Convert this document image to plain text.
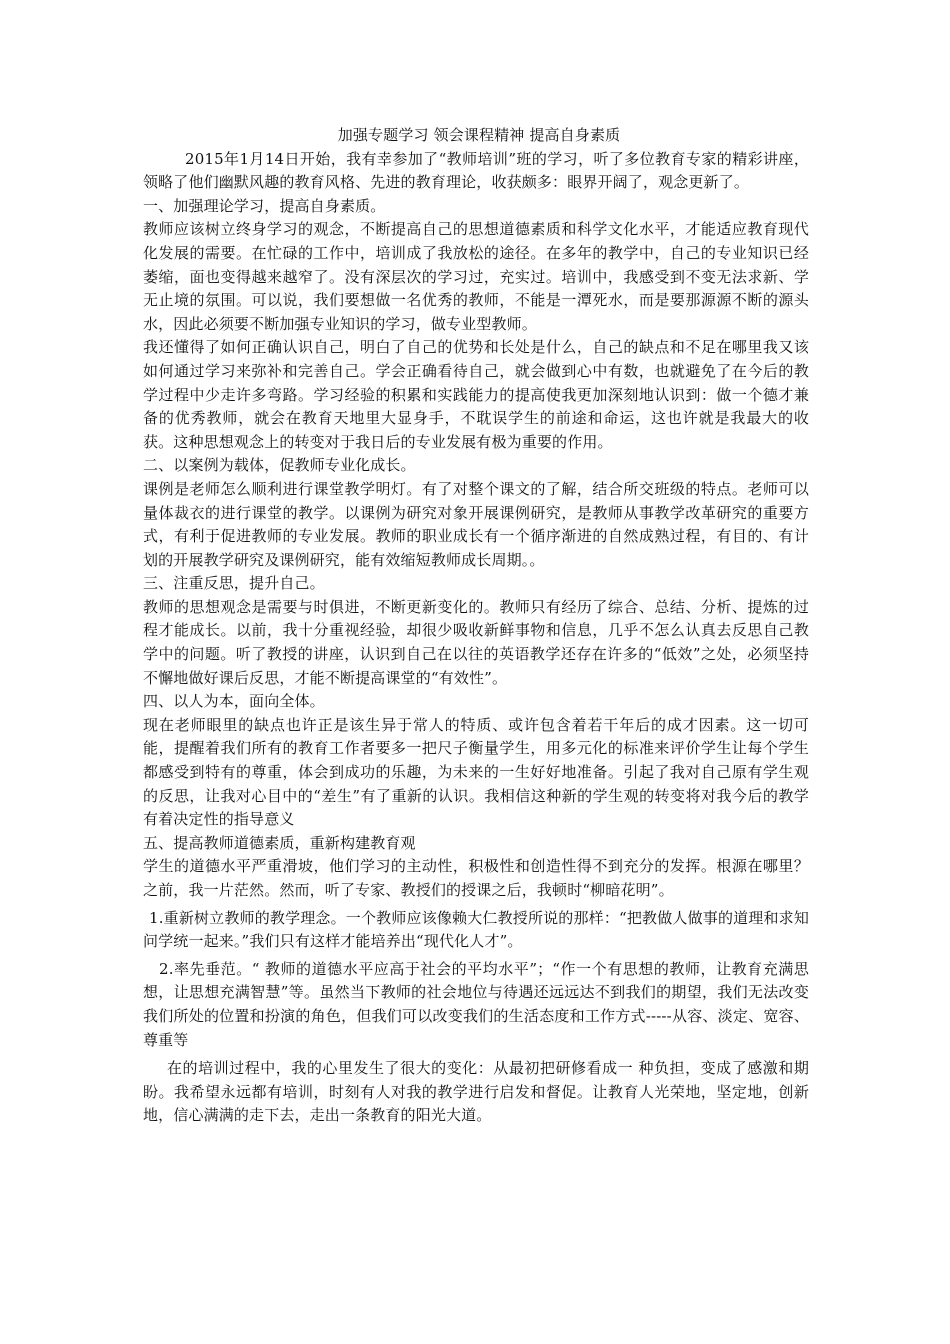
加强专题学习 领会课程精神 提高自身素质

2015年1月14日开始，我有幸参加了“教师培训”班的学习，听了多位教育专家的精彩讲座，领略了他们幽默风趣的教育风格、先进的教育理论，收获颇多：眼界开阔了，观念更新了。

一、加强理论学习，提高自身素质。

教师应该树立终身学习的观念，不断提高自己的思想道德素质和科学文化水平，才能适应教育现代化发展的需要。在忙碌的工作中，培训成了我放松的途径。在多年的教学中，自己的专业知识已经萎缩，面也变得越来越窄了。没有深层次的学习过，充实过。培训中，我感受到不变无法求新、学无止境的氛围。可以说，我们要想做一名优秀的教师，不能是一潭死水，而是要那源源不断的源头水，因此必须要不断加强专业知识的学习，做专业型教师。

我还懂得了如何正确认识自己，明白了自己的优势和长处是什么，自己的缺点和不足在哪里我又该如何通过学习来弥补和完善自己。学会正确看待自己，就会做到心中有数，也就避免了在今后的教学过程中少走许多弯路。学习经验的积累和实践能力的提高使我更加深刻地认识到：做一个德才兼备的优秀教师，就会在教育天地里大显身手，不耽误学生的前途和命运，这也许就是我最大的收获。这种思想观念上的转变对于我日后的专业发展有极为重要的作用。

二、以案例为载体，促教师专业化成长。

课例是老师怎么顺利进行课堂教学明灯。有了对整个课文的了解，结合所交班级的特点。老师可以量体裁衣的进行课堂的教学。以课例为研究对象开展课例研究，是教师从事教学改革研究的重要方式，有利于促进教师的专业发展。教师的职业成长有一个循序渐进的自然成熟过程，有目的、有计划的开展教学研究及课例研究，能有效缩短教师成长周期。。

三、注重反思，提升自己。

教师的思想观念是需要与时俱进，不断更新变化的。教师只有经历了综合、总结、分析、提炼的过程才能成长。以前，我十分重视经验，却很少吸收新鲜事物和信息，几乎不怎么认真去反思自己教学中的问题。听了教授的讲座，认识到自己在以往的英语教学还存在许多的“低效”之处，必须坚持不懈地做好课后反思，才能不断提高课堂的“有效性”。

四、以人为本，面向全体。

现在老师眼里的缺点也许正是该生异于常人的特质、或许包含着若干年后的成才因素。这一切可能，提醒着我们所有的教育工作者要多一把尺子衡量学生，用多元化的标准来评价学生让每个学生都感受到特有的尊重，体会到成功的乐趣，为未来的一生好好地准备。引起了我对自己原有学生观的反思，让我对心目中的“差生”有了重新的认识。我相信这种新的学生观的转变将对我今后的教学有着决定性的指导意义

五、提高教师道德素质，重新构建教育观

学生的道德水平严重滑坡，他们学习的主动性，积极性和创造性得不到充分的发挥。根源在哪里？之前，我一片茫然。然而，听了专家、教授们的授课之后，我顿时“柳暗花明”。

1.重新树立教师的教学理念。一个教师应该像赖大仁教授所说的那样：“把教做人做事的道理和求知问学统一起来。”我们只有这样才能培养出“现代化人才”。

2.率先垂范。“ 教师的道德水平应高于社会的平均水平”；“作一个有思想的教师，让教育充满思想，让思想充满智慧”等。虽然当下教师的社会地位与待遇还远远达不到我们的期望，我们无法改变我们所处的位置和扮演的角色，但我们可以改变我们的生活态度和工作方式-----从容、淡定、宽容、尊重等

在的培训过程中，我的心里发生了很大的变化：从最初把研修看成一 种负担，变成了感激和期盼。我希望永远都有培训，时刻有人对我的教学进行启发和督促。让教育人光荣地，坚定地，创新地，信心满满的走下去，走出一条教育的阳光大道。
